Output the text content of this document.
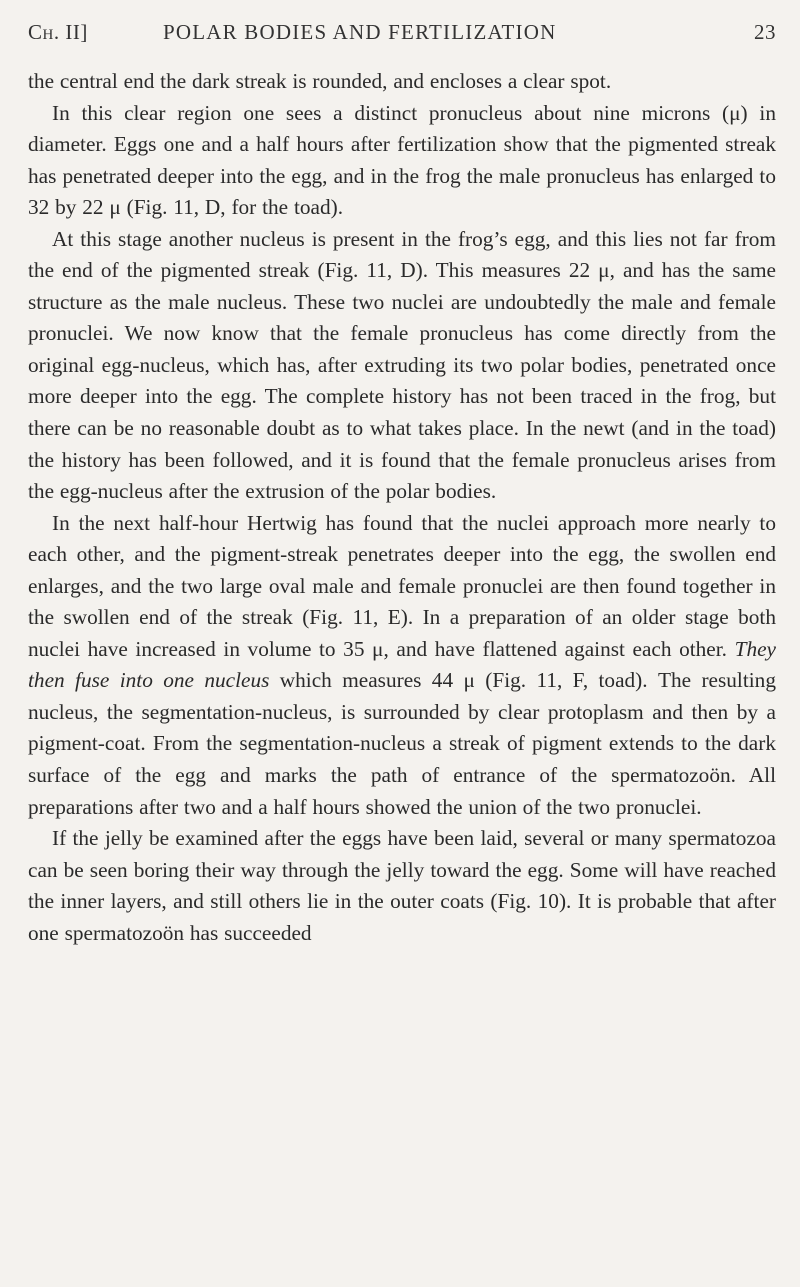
Ch. II]	POLAR BODIES AND FERTILIZATION	23

the central end the dark streak is rounded, and encloses a clear spot.

In this clear region one sees a distinct pronucleus about nine microns (μ) in diameter. Eggs one and a half hours after fertilization show that the pigmented streak has penetrated deeper into the egg, and in the frog the male pronucleus has enlarged to 32 by 22 μ (Fig. 11, D, for the toad).

At this stage another nucleus is present in the frog’s egg, and this lies not far from the end of the pigmented streak (Fig. 11, D). This measures 22 μ, and has the same structure as the male nucleus. These two nuclei are undoubtedly the male and female pronuclei. We now know that the female pronucleus has come directly from the original egg-nucleus, which has, after extruding its two polar bodies, penetrated once more deeper into the egg. The complete history has not been traced in the frog, but there can be no reasonable doubt as to what takes place. In the newt (and in the toad) the history has been followed, and it is found that the female pronucleus arises from the egg-nucleus after the extrusion of the polar bodies.

In the next half-hour Hertwig has found that the nuclei approach more nearly to each other, and the pigment-streak penetrates deeper into the egg, the swollen end enlarges, and the two large oval male and female pronuclei are then found together in the swollen end of the streak (Fig. 11, E). In a preparation of an older stage both nuclei have increased in volume to 35 μ, and have flattened against each other. They then fuse into one nucleus which measures 44 μ (Fig. 11, F, toad). The resulting nucleus, the segmentation-nucleus, is surrounded by clear protoplasm and then by a pigment-coat. From the segmentation-nucleus a streak of pigment extends to the dark surface of the egg and marks the path of entrance of the spermatozoön. All preparations after two and a half hours showed the union of the two pronuclei.

If the jelly be examined after the eggs have been laid, several or many spermatozoa can be seen boring their way through the jelly toward the egg. Some will have reached the inner layers, and still others lie in the outer coats (Fig. 10). It is probable that after one spermatozoön has succeeded
